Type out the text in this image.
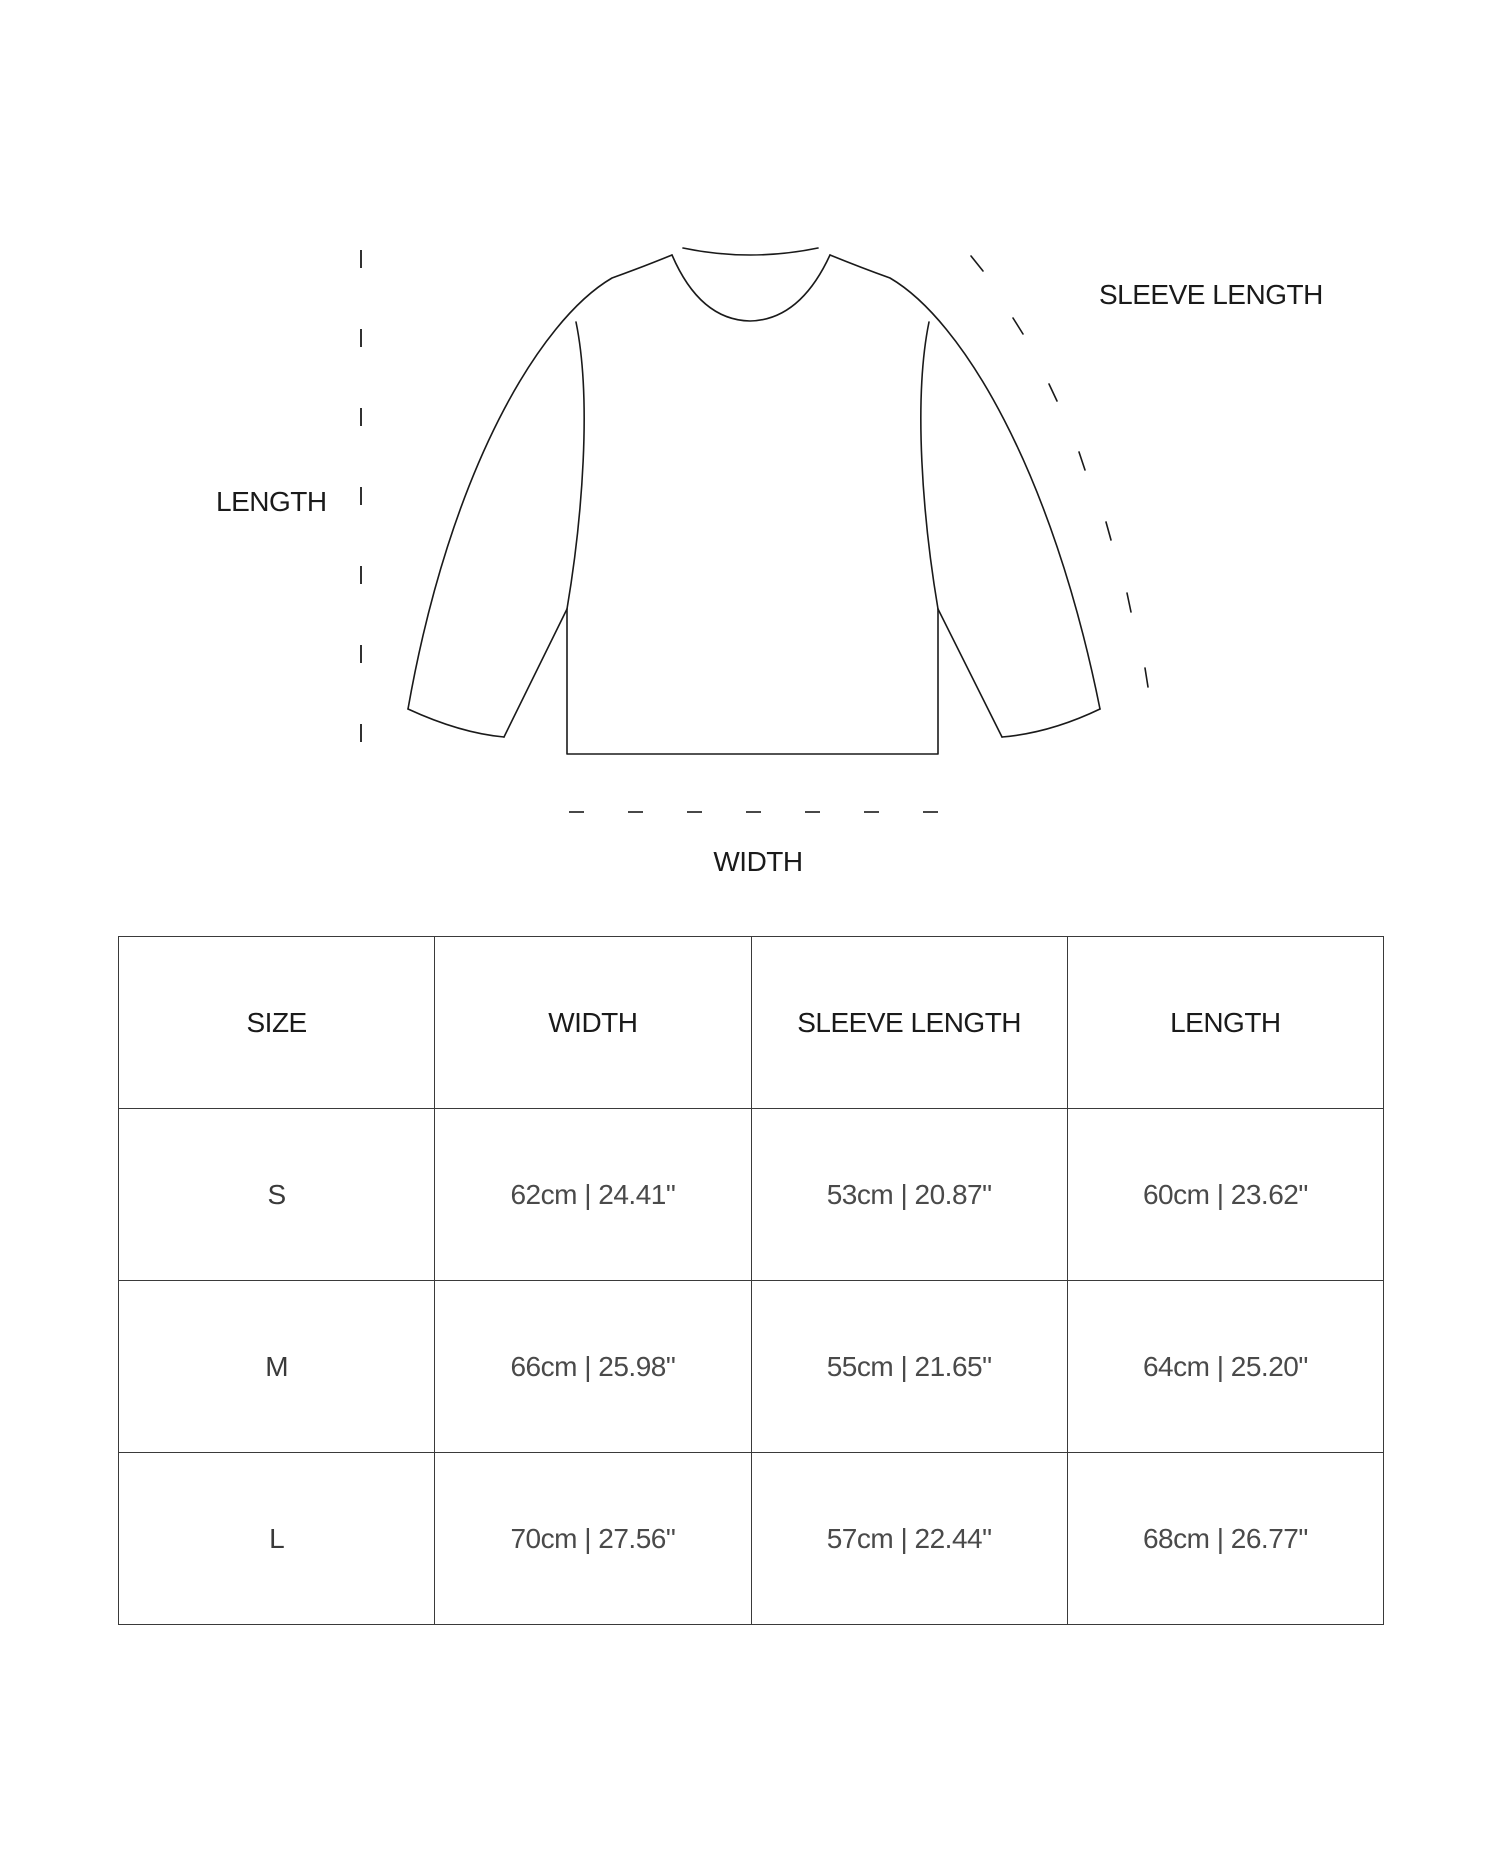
SLEEVE LENGTH
LENGTH
WIDTH
SIZE	WIDTH	SLEEVE LENGTH	LENGTH
S	62cm | 24.41"	53cm | 20.87"	60cm | 23.62"
M	66cm | 25.98"	55cm | 21.65"	64cm | 25.20"
L	70cm | 27.56"	57cm | 22.44"	68cm | 26.77"
